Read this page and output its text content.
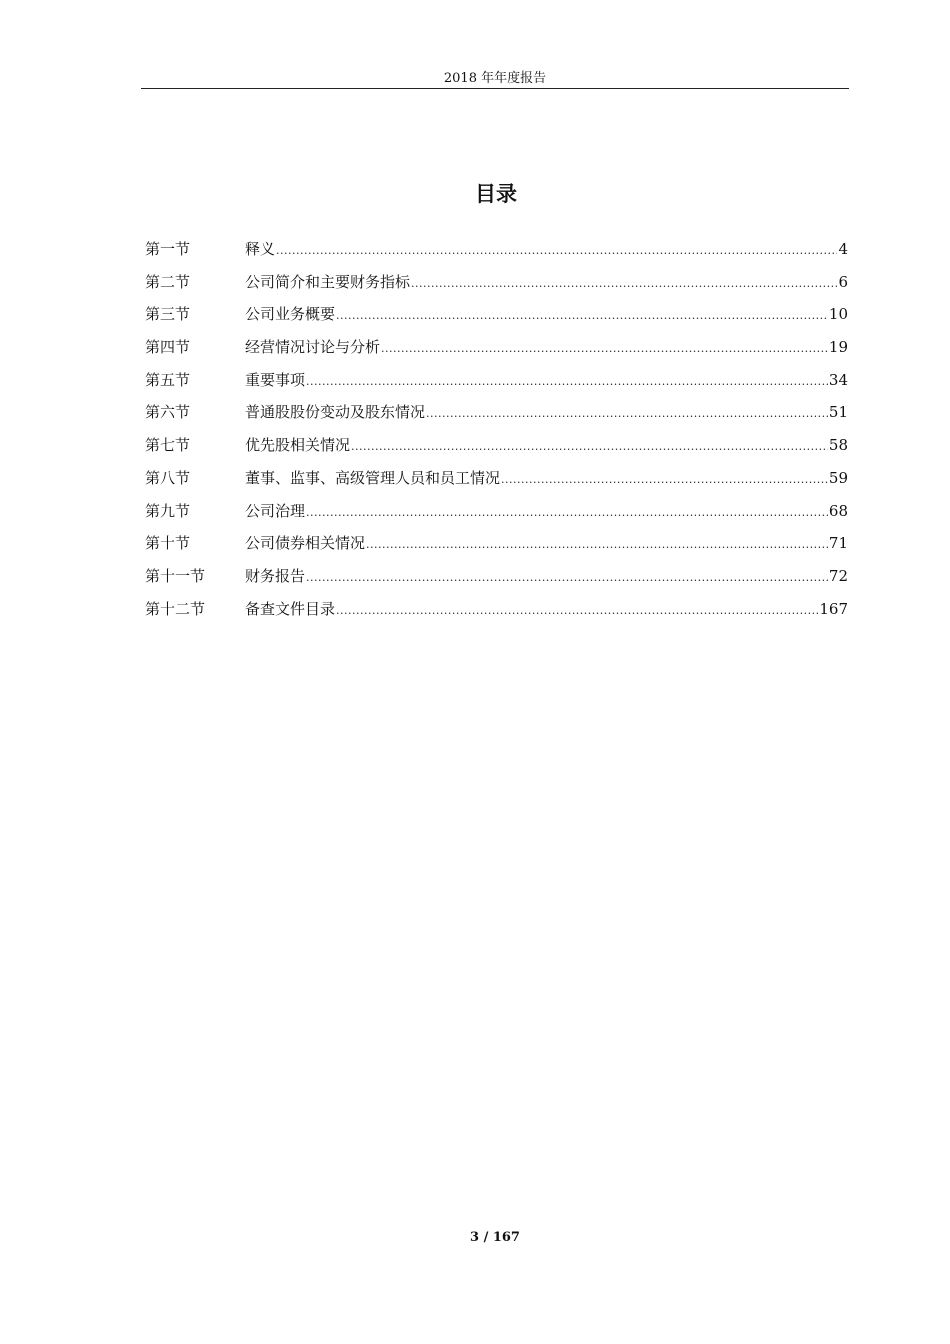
2018 年年度报告
目录
第一节	释义 .....	4
第二节	公司简介和主要财务指标 .....	6
第三节	公司业务概要 .....	10
第四节	经营情况讨论与分析 .....	19
第五节	重要事项 .....	34
第六节	普通股股份变动及股东情况 .....	51
第七节	优先股相关情况 .....	58
第八节	董事、监事、高级管理人员和员工情况 .....	59
第九节	公司治理 .....	68
第十节	公司债券相关情况 .....	71
第十一节	财务报告 .....	72
第十二节	备查文件目录 .....	167
3 / 167
